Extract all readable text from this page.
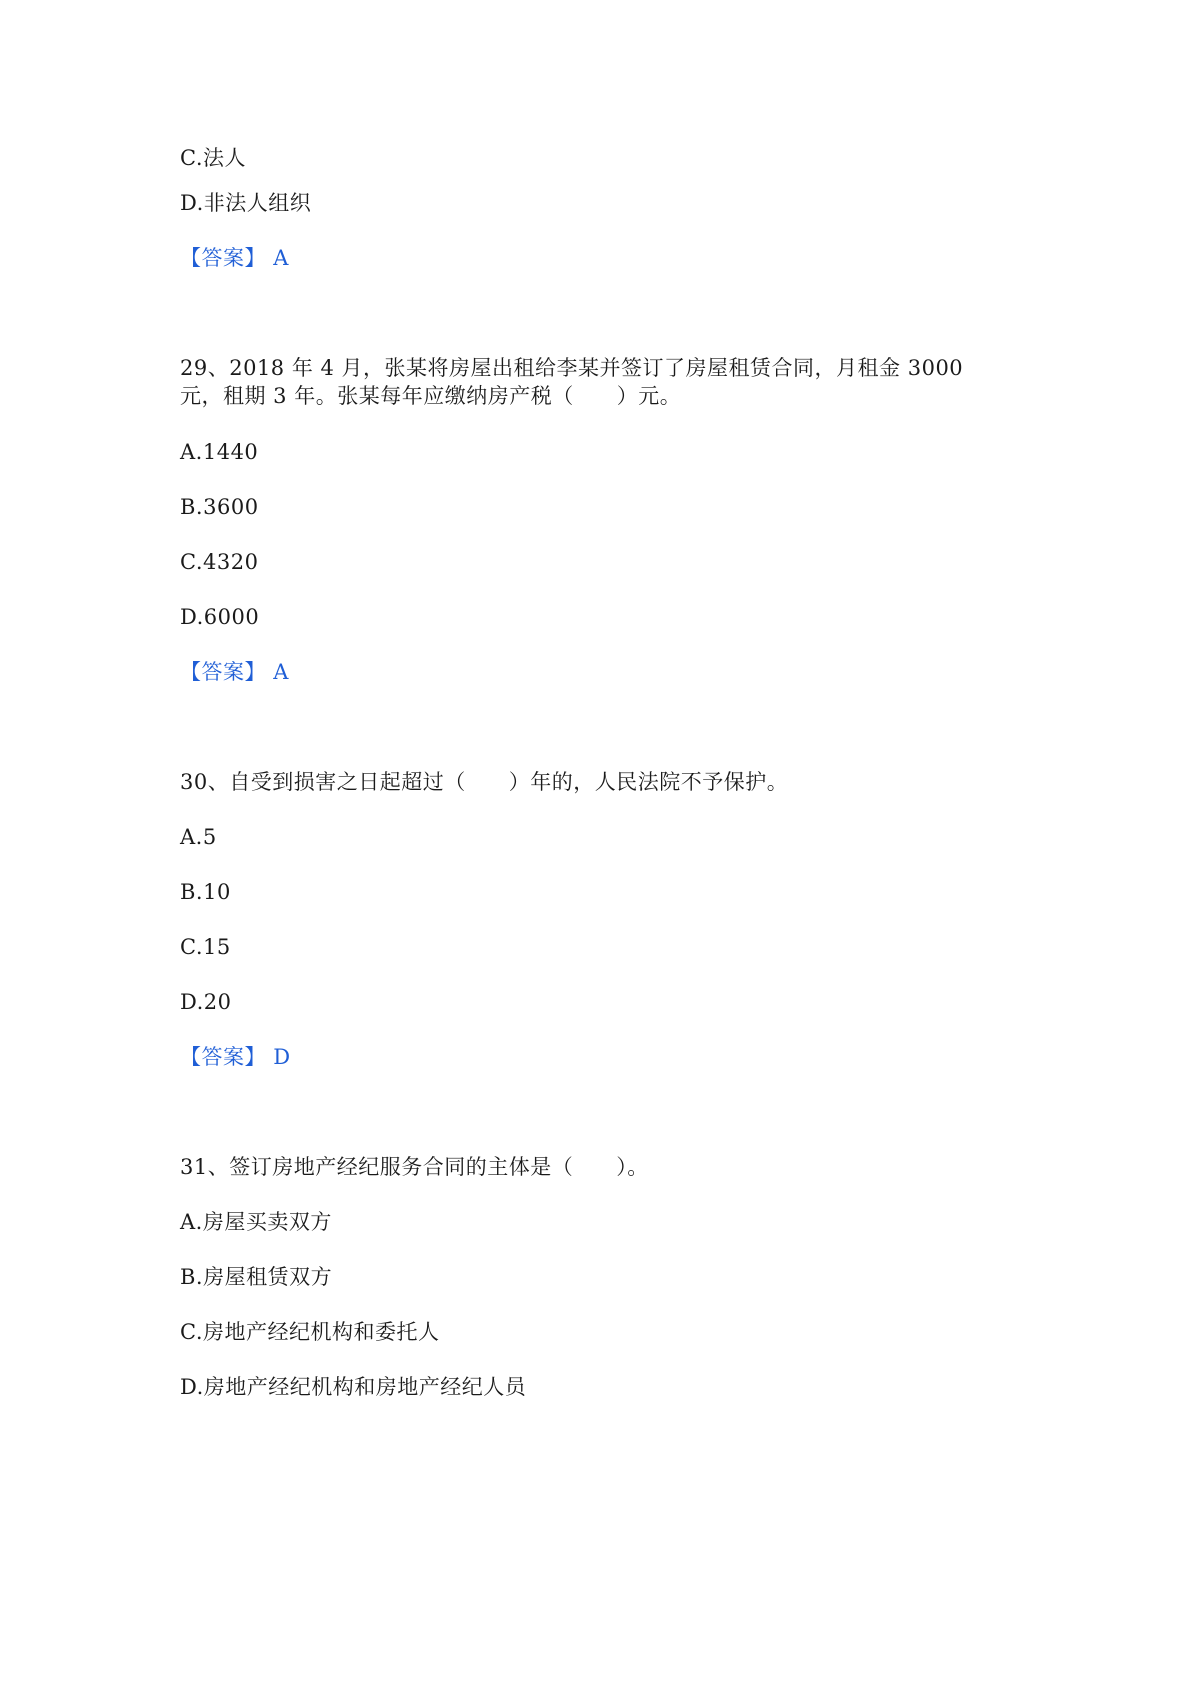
C.法人
D.非法人组织
【答案】 A
29、2018 年 4 月，张某将房屋出租给李某并签订了房屋租赁合同，月租金 3000
元，租期 3 年。张某每年应缴纳房产税（　　）元。
A.1440
B.3600
C.4320
D.6000
【答案】 A
30、自受到损害之日起超过（　　）年的，人民法院不予保护。
A.5
B.10
C.15
D.20
【答案】 D
31、签订房地产经纪服务合同的主体是（　　）。
A.房屋买卖双方
B.房屋租赁双方
C.房地产经纪机构和委托人
D.房地产经纪机构和房地产经纪人员
